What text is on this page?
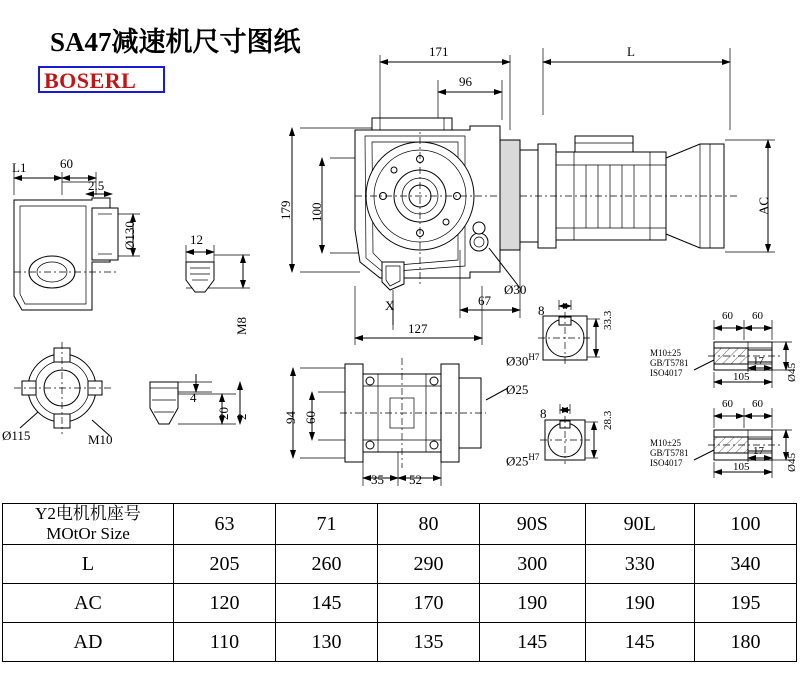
SA47减速机尺寸图纸
BOSERL
171
96
L
179 100	AC
67
127
X
Ø30
L1	60
2.5
Ø130	12
M8
Ø115	M10
4
20 2	94 60
35 52
8
33.3
$Ø30^{H7}$
8	28.3
$Ø25^{H7}$
Ø25
60 60
17
105	Ø45
M10±25
GB/T5781
ISO4017
60 60
17
105	Ø45
M10±25
GB/T5781
ISO4017
Y2电机机座号
MOtOr Size	63	71	80	90S	90L	100
L	205	260	290	300	330	340
AC	120	145	170	190	190	195
AD	110	130	135	145	145	180
